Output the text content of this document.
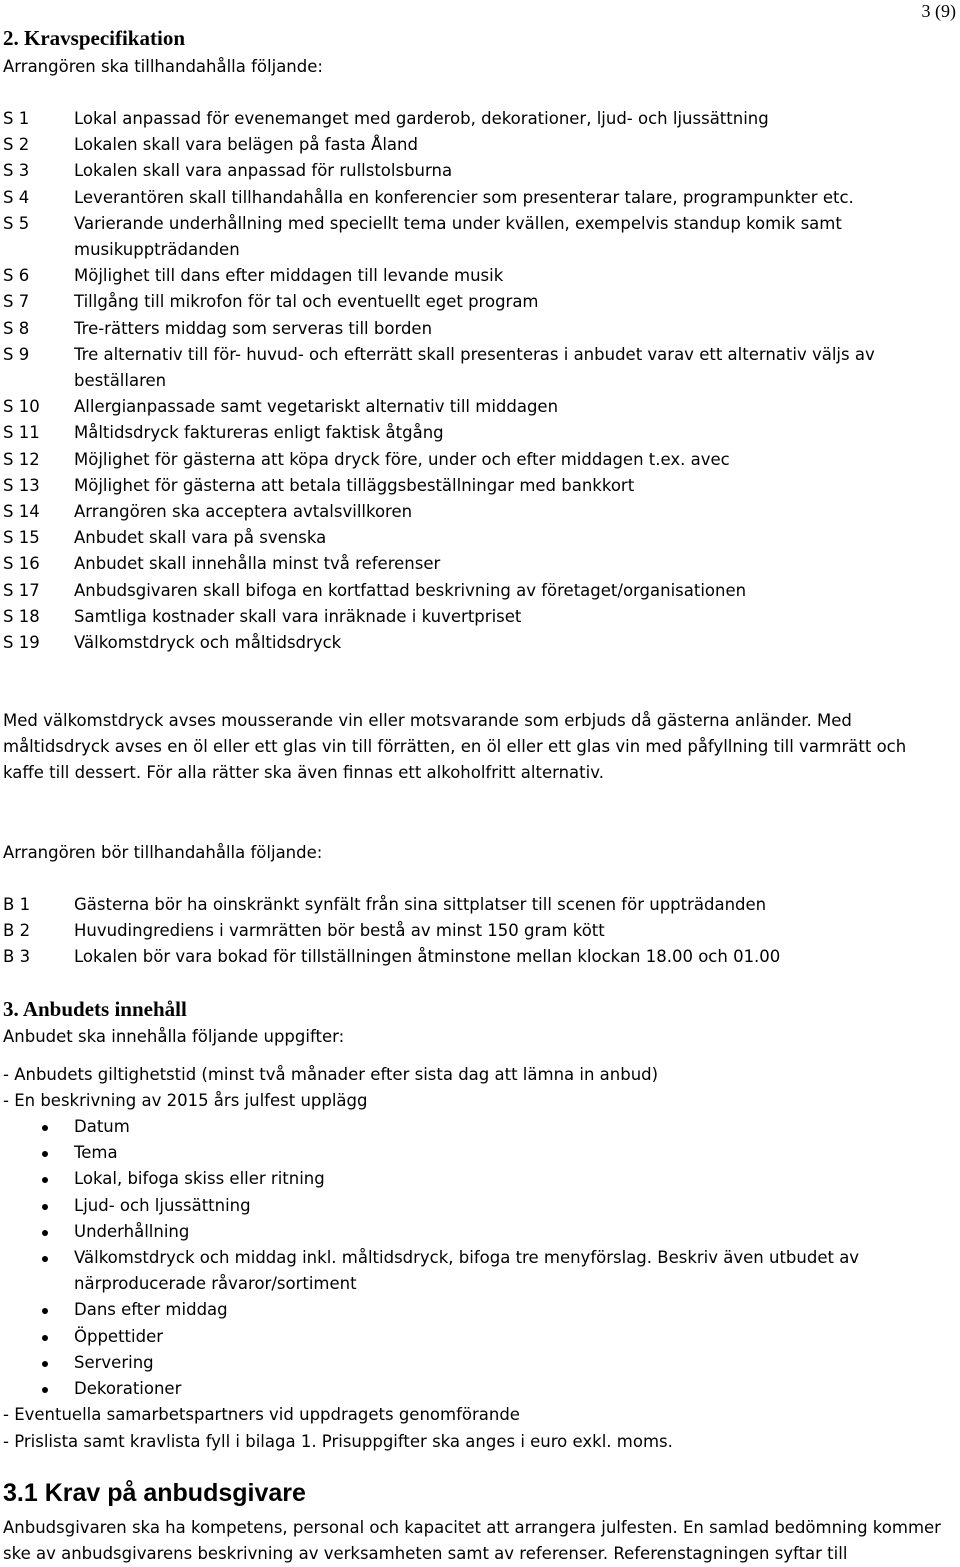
3 (9)
2. Kravspecifikation
Arrangören ska tillhandahålla följande:
S 1	Lokal anpassad för evenemanget med garderob, dekorationer, ljud- och ljussättning
S 2	Lokalen skall vara belägen på fasta Åland
S 3	Lokalen skall vara anpassad för rullstolsburna
S 4	Leverantören skall tillhandahålla en konferencier som presenterar talare, programpunkter etc.
S 5	Varierande underhållning med speciellt tema under kvällen, exempelvis standup komik samt musikuppträdanden
S 6	Möjlighet till dans efter middagen till levande musik
S 7	Tillgång till mikrofon för tal och eventuellt eget program
S 8	Tre-rätters middag som serveras till borden
S 9	Tre alternativ till för- huvud- och efterrätt skall presenteras i anbudet varav ett alternativ väljs av beställaren
S 10	Allergianpassade samt vegetariskt alternativ till middagen
S 11	Måltidsdryck faktureras enligt faktisk åtgång
S 12	Möjlighet för gästerna att köpa dryck före, under och efter middagen t.ex. avec
S 13	Möjlighet för gästerna att betala tilläggsbeställningar med bankkort
S 14	Arrangören ska acceptera avtalsvillkoren
S 15	Anbudet skall vara på svenska
S 16	Anbudet skall innehålla minst två referenser
S 17	Anbudsgivaren skall bifoga en kortfattad beskrivning av företaget/organisationen
S 18	Samtliga kostnader skall vara inräknade i kuvertpriset
S 19	Välkomstdryck och måltidsdryck
Med välkomstdryck avses mousserande vin eller motsvarande som erbjuds då gästerna anländer. Med måltidsdryck avses en öl eller ett glas vin till förrätten, en öl eller ett glas vin med påfyllning till varmrätt och kaffe till dessert. För alla rätter ska även finnas ett alkoholfritt alternativ.
Arrangören bör tillhandahålla följande:
B 1	Gästerna bör ha oinskränkt synfält från sina sittplatser till scenen för uppträdanden
B 2	Huvudingrediens i varmrätten bör bestå av minst 150 gram kött
B 3	Lokalen bör vara bokad för tillställningen åtminstone mellan klockan 18.00 och 01.00
3. Anbudets innehåll
Anbudet ska innehålla följande uppgifter:
- Anbudets giltighetstid (minst två månader efter sista dag att lämna in anbud)
- En beskrivning av 2015 års julfest upplägg
Datum
Tema
Lokal, bifoga skiss eller ritning
Ljud- och ljussättning
Underhållning
Välkomstdryck och middag inkl. måltidsdryck, bifoga tre menyförslag. Beskriv även utbudet av närproducerade råvaror/sortiment
Dans efter middag
Öppettider
Servering
Dekorationer
- Eventuella samarbetspartners vid uppdragets genomförande
- Prislista samt kravlista fyll i bilaga 1. Prisuppgifter ska anges i euro exkl. moms.
3.1 Krav på anbudsgivare
Anbudsgivaren ska ha kompetens, personal och kapacitet att arrangera julfesten. En samlad bedömning kommer ske av anbudsgivarens beskrivning av verksamheten samt av referenser. Referenstagningen syftar till
